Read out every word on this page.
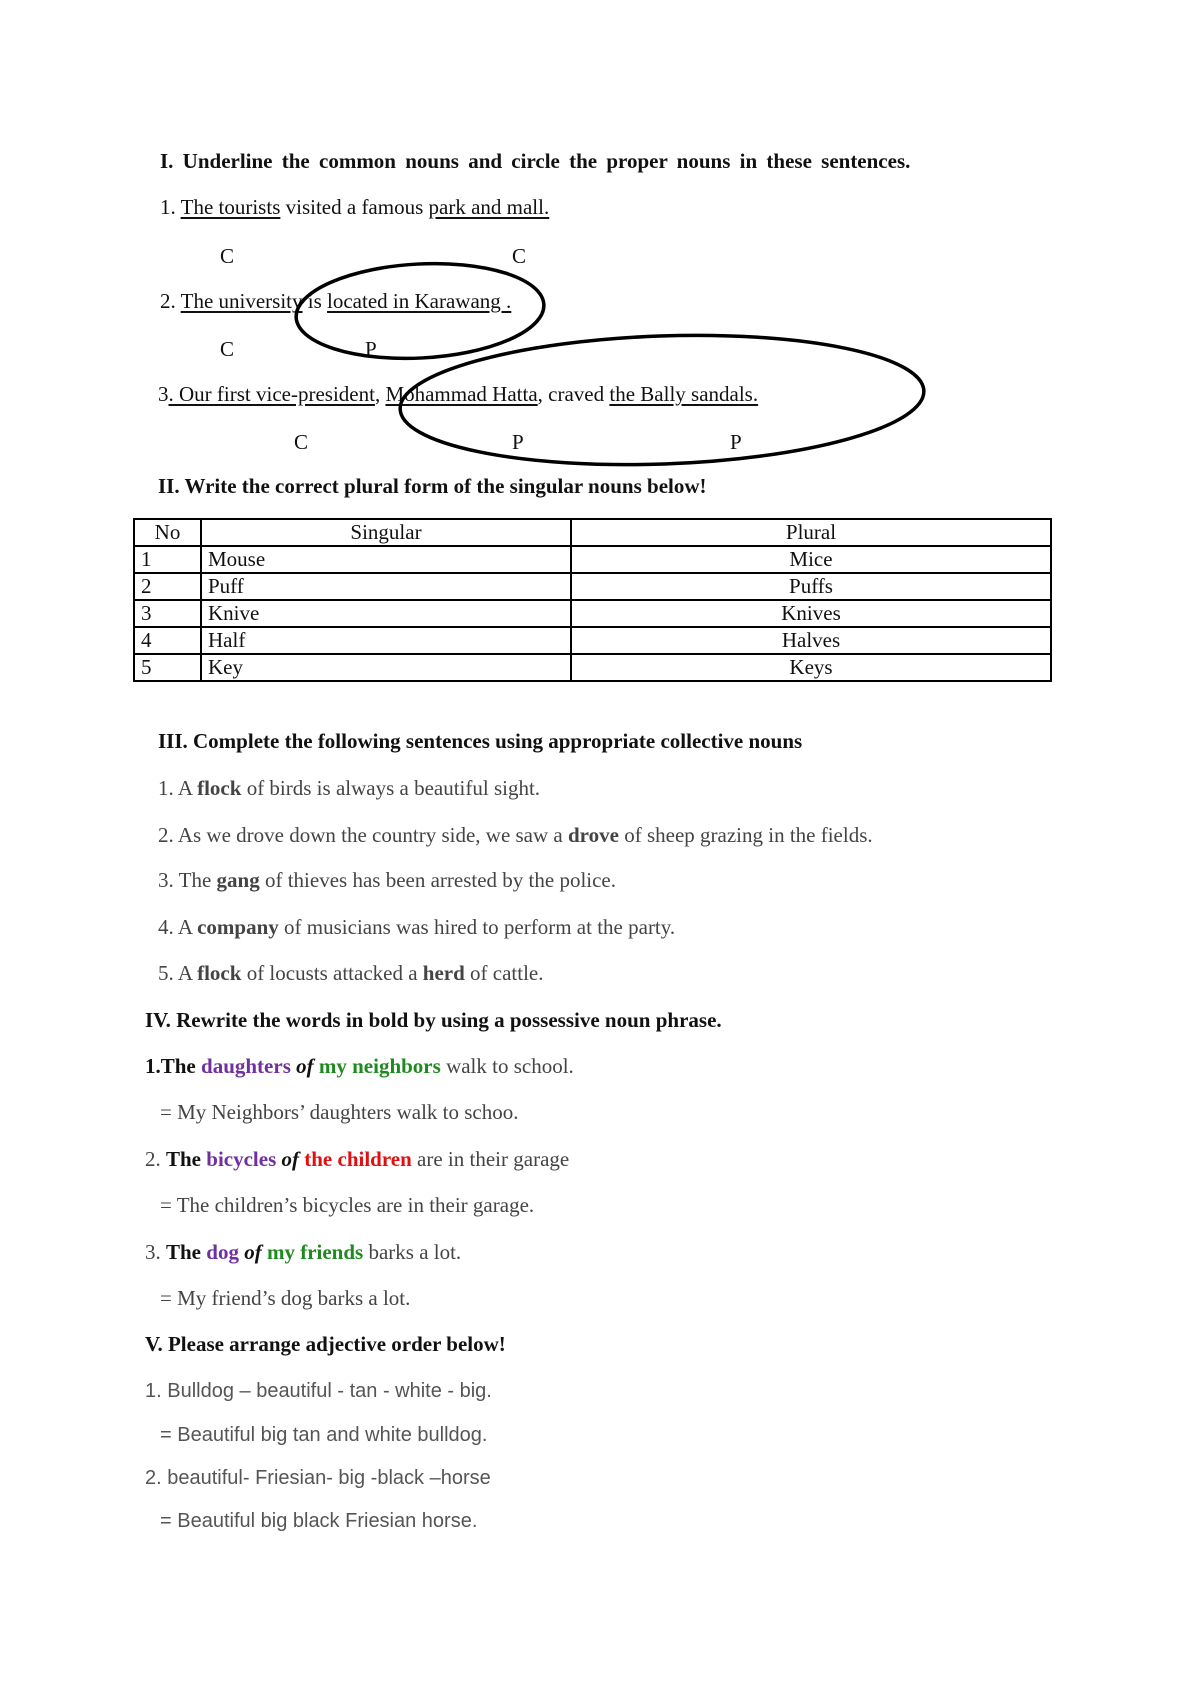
I. Underline the common nouns and circle the proper nouns in these sentences.
1. The tourists visited a famous park and mall.
C	C
2. The university is located in Karawang .
C	P
3. Our first vice-president, Mohammad Hatta, craved the Bally sandals.
C	P	P
II. Write the correct plural form of the singular nouns below!
No	Singular	Plural
1	Mouse	Mice
2	Puff	Puffs
3	Knive	Knives
4	Half	Halves
5	Key	Keys
III. Complete the following sentences using appropriate collective nouns
1. A flock of birds is always a beautiful sight.
2. As we drove down the country side, we saw a drove of sheep grazing in the fields.
3. The gang of thieves has been arrested by the police.
4. A company of musicians was hired to perform at the party.
5. A flock of locusts attacked a herd of cattle.
IV. Rewrite the words in bold by using a possessive noun phrase.
1.The daughters of my neighbors walk to school.
= My Neighbors’ daughters walk to schoo.
2. The bicycles of the children are in their garage
= The children’s bicycles are in their garage.
3. The dog of my friends barks a lot.
= My friend’s dog barks a lot.
V. Please arrange adjective order below!
1. Bulldog – beautiful - tan - white - big.
= Beautiful big tan and white bulldog.
2. beautiful- Friesian- big -black –horse
= Beautiful big black Friesian horse.
